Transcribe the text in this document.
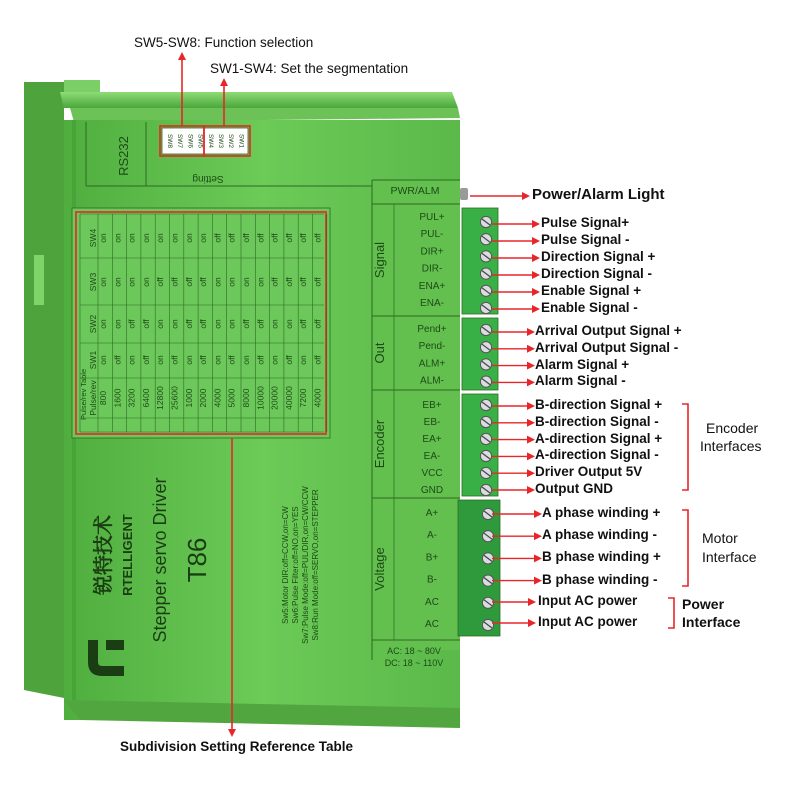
RS232
Setting
SW8 SW7 SW6 SW5 SW4 SW3 SW2 SW1
PWR/ALM
Signal
PUL+
PUL-
DIR+
DIR-
ENA+
ENA-
Out
Pend+
Pend-
ALM+
ALM-
Encoder
EB+
EB-
EA+
EA-
VCC
GND
Voltage
A+
A-
B+
B-
AC
AC
AC: 18 ~ 80V
DC: 18 ~ 110V
Pulse/rev Table Pulse/rev
SW1
SW2
SW3
SW4
800
on
on
on
on
1600
off
on
on
on
3200
on
off
on
on
6400
off
off
on
on
12800
on
on
off
on
25600
off
on
off
on
1000
on
off
off
on
2000
off
off
off
on
4000
on
on
on
off
5000
off
on
on
off
8000
on
off
on
off
10000
off
off
on
off
20000
on
on
off
off
40000
off
on
off
off
7200
on
off
off
off
4000
off
off
off
off
锐特技术 RTELLIGENT Stepper servo Driver T86	Sw5:Motor DIR:off=CCW,on=CW Sw6:Pulse Filter:off=NO,on=YES Sw7:Pulse Mode:off=PUL/DIR,on=CW/CCW Sw8:Run Mode:off=SERVO,on=STEPPER
SW5-SW8: Function selection
SW1-SW4: Set the segmentation
Subdivision Setting Reference Table
Power/Alarm Light
Pulse Signal+
Pulse Signal -
Direction Signal +
Direction Signal -
Enable Signal +
Enable Signal -
Arrival Output Signal +
Arrival Output Signal -
Alarm Signal +
Alarm Signal -
B-direction Signal +
B-direction Signal -
A-direction Signal +
A-direction Signal -
Driver Output 5V
Output GND
A phase winding +
A phase winding -
B phase winding +
B phase winding -
Input AC power
Input AC power
Encoder
Interfaces
Motor
Interface
Power
Interface
